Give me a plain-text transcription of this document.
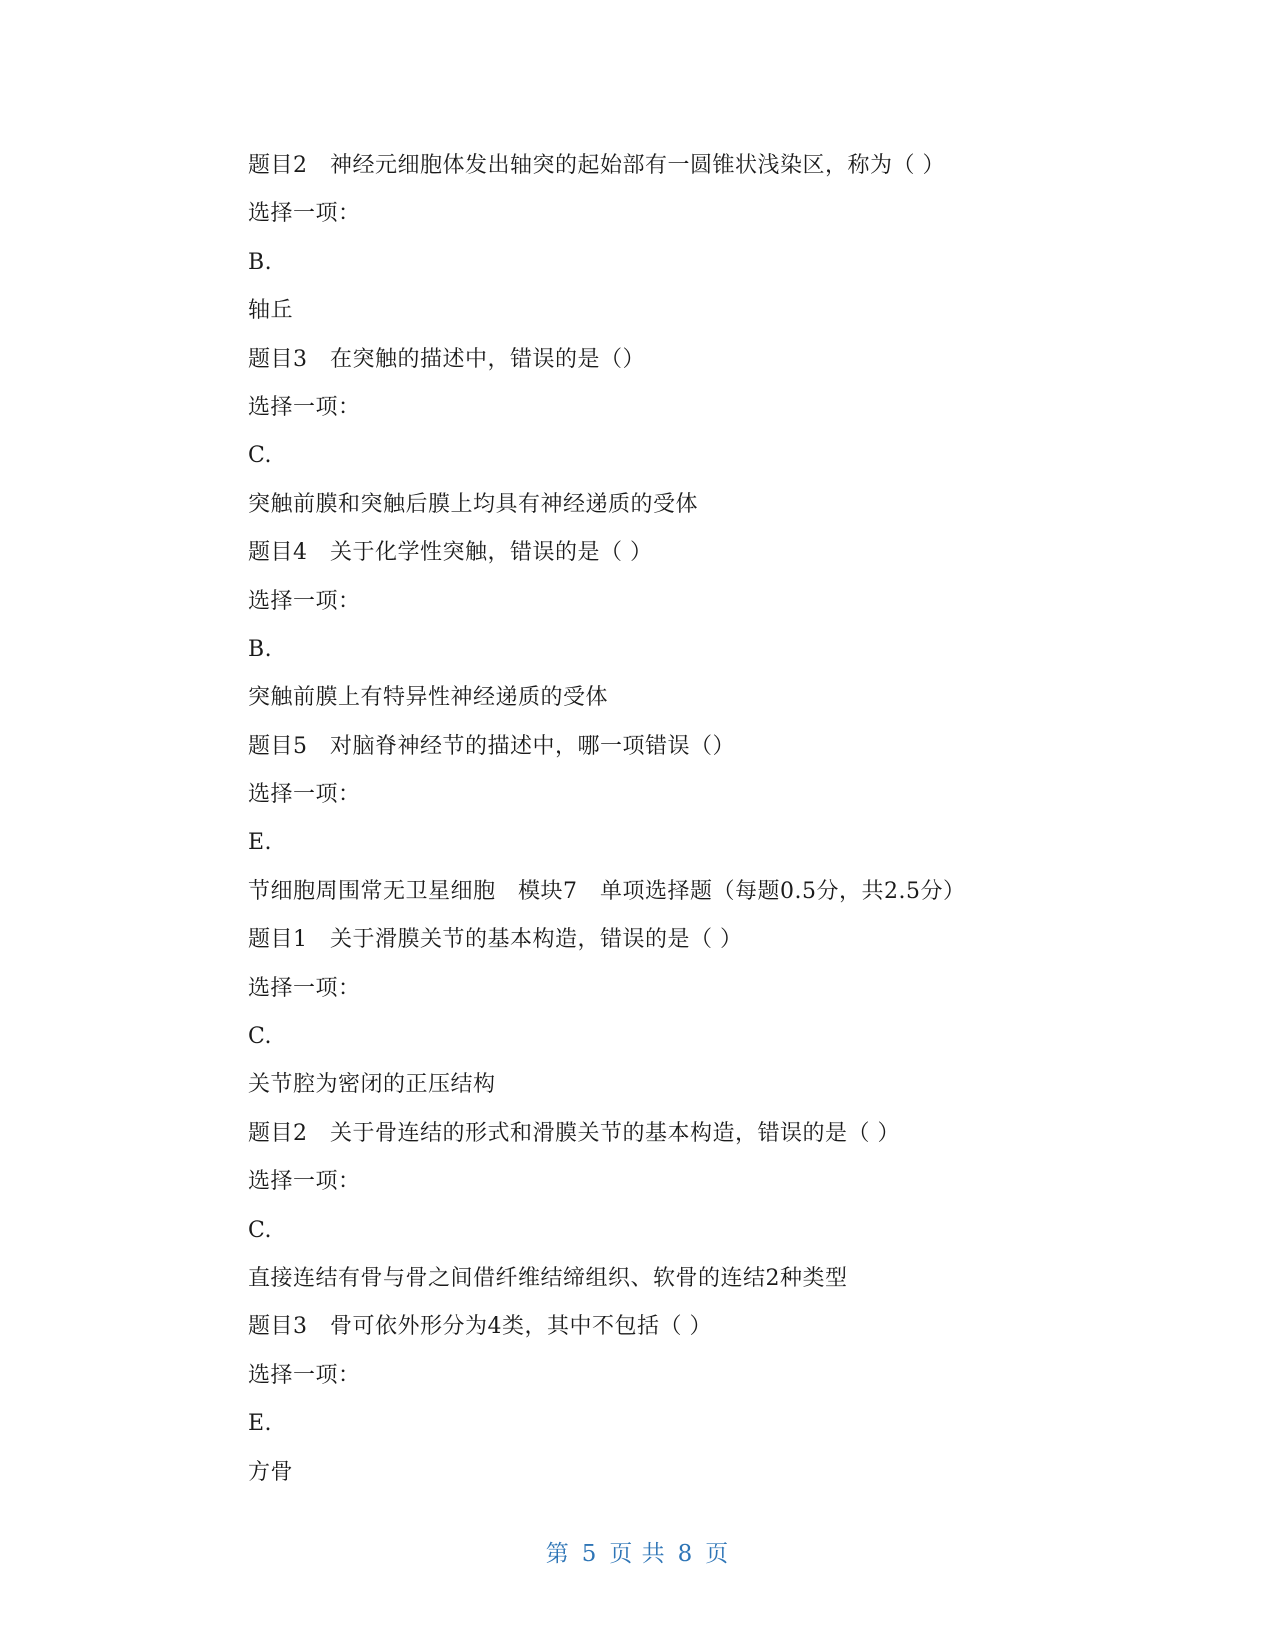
题目2　神经元细胞体发出轴突的起始部有一圆锥状浅染区，称为（ ）
选择一项：
B.
轴丘
题目3　在突触的描述中，错误的是（）
选择一项：
C.
突触前膜和突触后膜上均具有神经递质的受体
题目4　关于化学性突触，错误的是（ ）
选择一项：
B.
突触前膜上有特异性神经递质的受体
题目5　对脑脊神经节的描述中，哪一项错误（）
选择一项：
E.
节细胞周围常无卫星细胞　模块7　单项选择题（每题0.5分，共2.5分）
题目1　关于滑膜关节的基本构造，错误的是（ ）
选择一项：
C.
关节腔为密闭的正压结构
题目2　关于骨连结的形式和滑膜关节的基本构造，错误的是（ ）
选择一项：
C.
直接连结有骨与骨之间借纤维结缔组织、软骨的连结2种类型
题目3　骨可依外形分为4类，其中不包括（ ）
选择一项：
E.
方骨
第 5 页 共 8 页
